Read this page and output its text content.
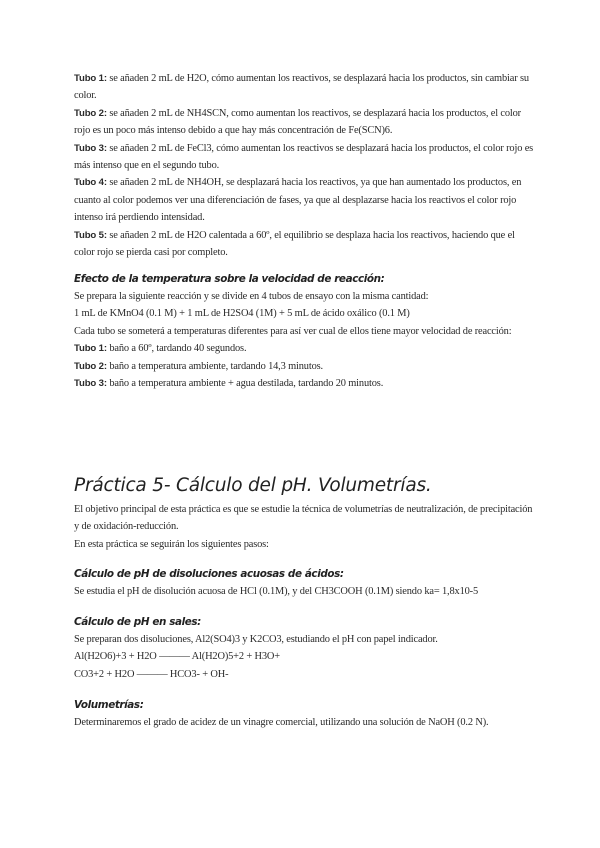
Tubo 1: se añaden 2 mL de H2O, cómo aumentan los reactivos, se desplazará hacia los productos, sin cambiar su color.

Tubo 2: se añaden 2 mL de NH4SCN, como aumentan los reactivos, se desplazará hacia los productos, el color rojo es un poco más intenso debido a que hay más concentración de Fe(SCN)6.

Tubo 3: se añaden 2 mL de FeCl3, cómo aumentan los reactivos se desplazará hacia los productos, el color rojo es más intenso que en el segundo tubo.

Tubo 4: se añaden 2 mL de NH4OH, se desplazará hacia los reactivos, ya que han aumentado los productos, en cuanto al color podemos ver una diferenciación de fases, ya que al desplazarse hacia los reactivos el color rojo intenso irá perdiendo intensidad.

Tubo 5: se añaden 2 mL de H2O calentada a 60º, el equilibrio se desplaza hacia los reactivos, haciendo que el color rojo se pierda casi por completo.

Efecto de la temperatura sobre la velocidad de reacción:

Se prepara la siguiente reacción y se divide en 4 tubos de ensayo con la misma cantidad:

1 mL de KMnO4 (0.1 M) + 1 mL de H2SO4 (1M) + 5 mL de ácido oxálico (0.1 M)

Cada tubo se someterá a temperaturas diferentes para así ver cual de ellos tiene mayor velocidad de reacción:

Tubo 1: baño a 60º, tardando 40 segundos.

Tubo 2: baño a temperatura ambiente, tardando 14,3 minutos.

Tubo 3: baño a temperatura ambiente + agua destilada, tardando 20 minutos.

Práctica 5- Cálculo del pH. Volumetrías.

El objetivo principal de esta práctica es que se estudie la técnica de volumetrías de neutralización, de precipitación y de oxidación-reducción.

En esta práctica se seguirán los siguientes pasos:

Cálculo de pH de disoluciones acuosas de ácidos:

Se estudia el pH de disolución acuosa de HCl (0.1M), y del CH3COOH (0.1M) siendo ka= 1,8x10-5

Cálculo de pH en sales:

Se preparan dos disoluciones, Al2(SO4)3 y K2CO3, estudiando el pH con papel indicador.

Al(H2O6)+3 + H2O ——— Al(H2O)5+2 + H3O+

CO3+2 + H2O ——— HCO3- + OH-

Volumetrías:

Determinaremos el grado de acidez de un vinagre comercial, utilizando una solución de NaOH (0.2 N).
